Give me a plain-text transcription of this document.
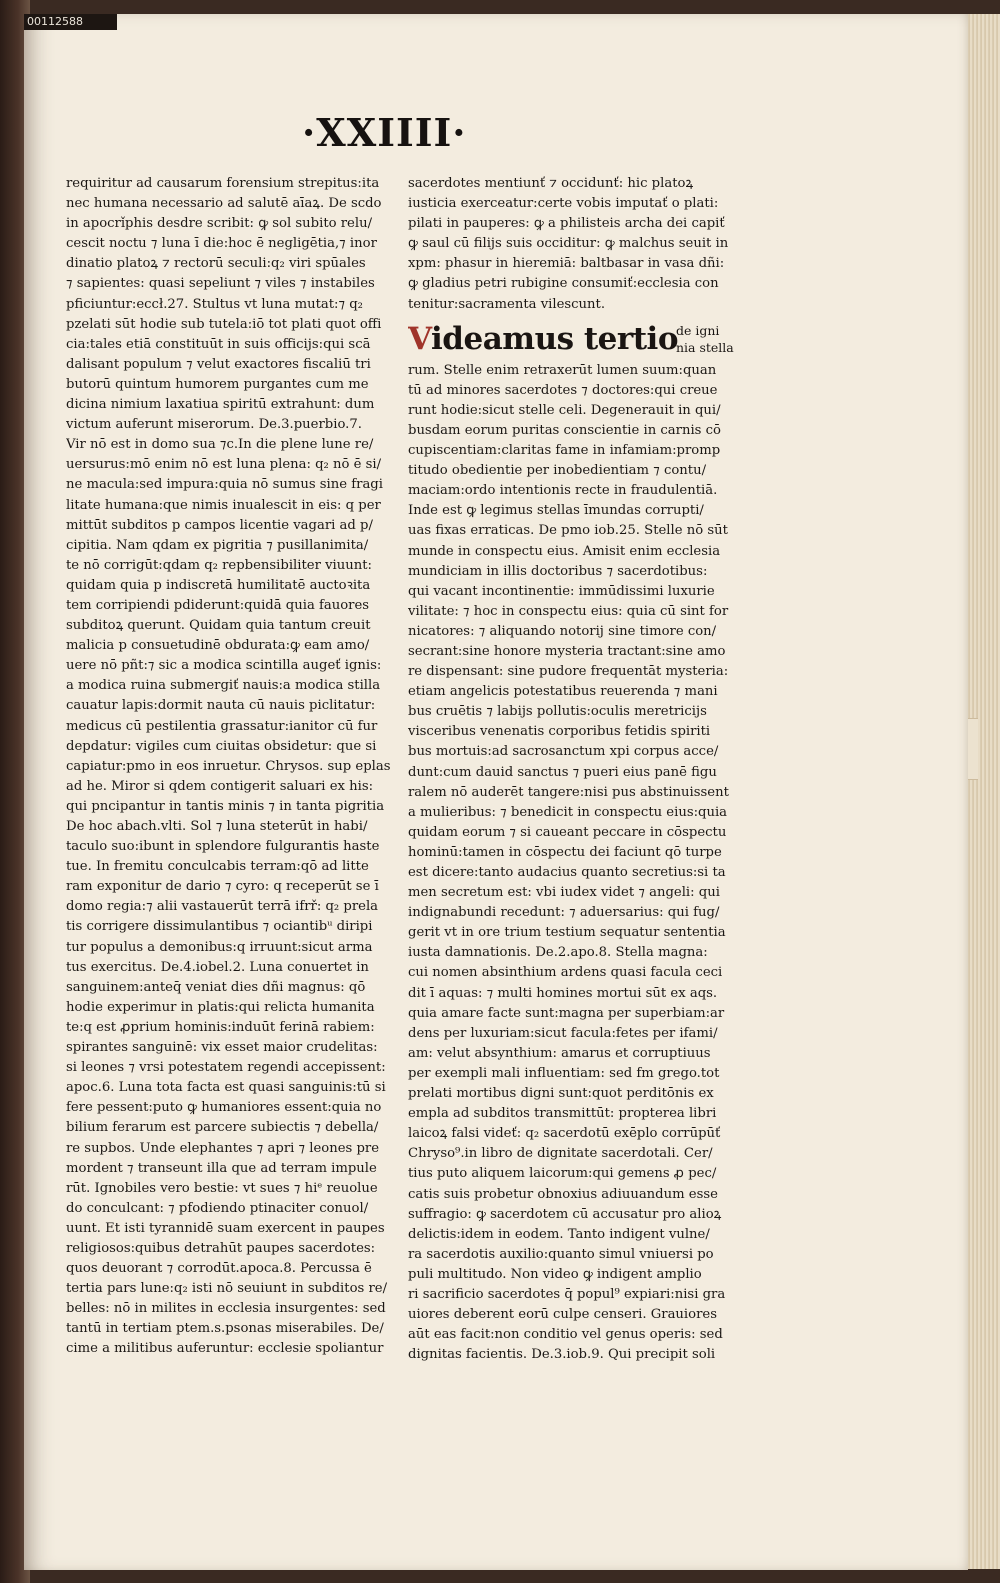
00112588
·XXIIII·
requiritur ad causarum forensium strepitus:ita
nec humana necessario ad salutē aīaꝝ. De scdo
in apocrǐphis desdre scribit: ꝙ sol subito relu/
cescit noctu ⁊ luna ī die:hoc ē negligētia,⁊ inor
dinatio platoꝝ ⁊ rectorū seculi:q₂ viri spūales
⁊ sapientes: quasi sepeliunt ⁊ viles ⁊ instabiles
pficiuntur:eccł.27. Stultus vt luna mutat:⁊ q₂
pzelati sūt hodie sub tutela:iō tot plati quot offi
cia:tales etiā constituūt in suis officijs:qui scā
dalisant populum ⁊ velut exactores fiscaliū tri
butorū quintum humorem purgantes cum me
dicina nimium laxatiua spiritū extrahunt: dum
victum auferunt miserorum. De.3.puerbio.7.
Vir nō est in domo sua ⁊c.In die plene lune re/
uersurus:mō enim nō est luna plena: q₂ nō ē si/
ne macula:sed impura:quia nō sumus sine fragi
litate humana:que nimis inualescit in eis: q per
mittūt subditos p campos licentie vagari ad p/
cipitia. Nam qdam ex pigritia ⁊ pusillanimita/
te nō corrigūt:qdam q₂ repbensibiliter viuunt:
quidam quia p indiscretā humilitatē auctoꝛita
tem corripiendi pdiderunt:quidā quia fauores
subditoꝝ querunt. Quidam quia tantum creuit
malicia p consuetudinē obdurata:ꝙ eam amo/
uere nō pñt:⁊ sic a modica scintilla augeť ignis:
a modica ruina submergiť nauis:a modica stilla
cauatur lapis:dormit nauta cū nauis piclitatur:
medicus cū pestilentia grassatur:ianitor cū fur
depdatur: vigiles cum ciuitas obsidetur: que si
capiatur:pmo in eos inruetur. Chrysos. sup eplas
ad he. Miror si qdem contigerit saluari ex his:
qui pncipantur in tantis minis ⁊ in tanta pigritia
De hoc abach.vlti. Sol ⁊ luna steterūt in habi/
taculo suo:ibunt in splendore fulgurantis haste
tue. In fremitu conculcabis terram:qō ad litte
ram exponitur de dario ⁊ cyro: q receperūt se ī
domo regia:⁊ alii vastauerūt terrā ifrř: q₂ prela
tis corrigere dissimulantibus ⁊ ociantibᵘ diripi
tur populus a demonibus:q irruunt:sicut arma
tus exercitus. De.4.iobel.2. Luna conuertet in
sanguinem:anteq̄ veniat dies dñi magnus: qō
hodie experimur in platis:qui relicta humanita
te:q est ꝓprium hominis:induūt ferinā rabiem:
spirantes sanguinē: vix esset maior crudelitas:
si leones ⁊ vrsi potestatem regendi accepissent:
apoc.6. Luna tota facta est quasi sanguinis:tū si
fere pessent:puto ꝙ humaniores essent:quia no
bilium ferarum est parcere subiectis ⁊ debella/
re supbos. Unde elephantes ⁊ apri ⁊ leones pre
mordent ⁊ transeunt illa que ad terram impule
rūt. Ignobiles vero bestie: vt sues ⁊ hiᵉ reuolue
do conculcant: ⁊ pfodiendo ptinaciter conuol/
uunt. Et isti tyrannidē suam exercent in paupes
religiosos:quibus detrahūt paupes sacerdotes:
quos deuorant ⁊ corrodūt.apoca.8. Percussa ē
tertia pars lune:q₂ isti nō seuiunt in subditos re/
belles: nō in milites in ecclesia insurgentes: sed
tantū in tertiam ptem.s.psonas miserabiles. De/
cime a militibus auferuntur: ecclesie spoliantur
sacerdotes mentiunť ⁊ occidunť: hic platoꝝ
iusticia exerceatur:certe vobis imputať o plati:
pilati in pauperes: ꝙ a philisteis archa dei capiť
ꝙ saul cū filijs suis occiditur: ꝙ malchus seuit in
xpm: phasur in hieremiā: baltbasar in vasa dñi:
ꝙ gladius petri rubigine consumiť:ecclesia con
tenitur:sacramenta vilescunt.
Videamus tertio
de igni
nia stella
rum. Stelle enim retraxerūt lumen suum:quan
tū ad minores sacerdotes ⁊ doctores:qui creue
runt hodie:sicut stelle celi. Degenerauit in qui/
busdam eorum puritas conscientie in carnis cō
cupiscentiam:claritas fame in infamiam:promp
titudo obedientie per inobedientiam ⁊ contu/
maciam:ordo intentionis recte in fraudulentiā.
Inde est ꝙ legimus stellas īmundas corrupti/
uas fixas erraticas. De pmo iob.25. Stelle nō sūt
munde in conspectu eius. Amisit enim ecclesia
mundiciam in illis doctoribus ⁊ sacerdotibus:
qui vacant incontinentie: immūdissimi luxurie
vilitate: ⁊ hoc in conspectu eius: quia cū sint for
nicatores: ⁊ aliquando notorij sine timore con/
secrant:sine honore mysteria tractant:sine amo
re dispensant: sine pudore frequentāt mysteria:
etiam angelicis potestatibus reuerenda ⁊ mani
bus cruētis ⁊ labijs pollutis:oculis meretricijs
visceribus venenatis corporibus fetidis spiriti
bus mortuis:ad sacrosanctum xpi corpus acce/
dunt:cum dauid sanctus ⁊ pueri eius panē figu
ralem nō auderēt tangere:nisi pus abstinuissent
a mulieribus: ⁊ benedicit in conspectu eius:quia
quidam eorum ⁊ si caueant peccare in cōspectu
hominū:tamen in cōspectu dei faciunt qō turpe
est dicere:tanto audacius quanto secretius:si ta
men secretum est: vbi iudex videt ⁊ angeli: qui
indignabundi recedunt: ⁊ aduersarius: qui fug/
gerit vt in ore trium testium sequatur sententia
iusta damnationis. De.2.apo.8. Stella magna:
cui nomen absinthium ardens quasi facula ceci
dit ī aquas: ⁊ multi homines mortui sūt ex aqs.
quia amare facte sunt:magna per superbiam:ar
dens per luxuriam:sicut facula:fetes per ifami/
am: velut absynthium: amarus et corruptiuus
per exempli mali influentiam: sed fm grego.tot
prelati mortibus digni sunt:quot perditōnis ex
empla ad subditos transmittūt: propterea libri
laicoꝝ falsi videť: q₂ sacerdotū exēplo corrūpūť
Chryso⁹.in libro de dignitate sacerdotali. Cer/
tius puto aliquem laicorum:qui gemens ꝓ pec/
catis suis probetur obnoxius adiuuandum esse
suffragio: ꝙ sacerdotem cū accusatur pro alioꝝ
delictis:idem in eodem. Tanto indigent vulne/
ra sacerdotis auxilio:quanto simul vniuersi po
puli multitudo. Non video ꝙ indigent amplio
ri sacrificio sacerdotes q̄ popul⁹ expiari:nisi gra
uiores deberent eorū culpe censeri. Grauiores
aūt eas facit:non conditio vel genus operis: sed
dignitas facientis. De.3.iob.9. Qui precipit soli
